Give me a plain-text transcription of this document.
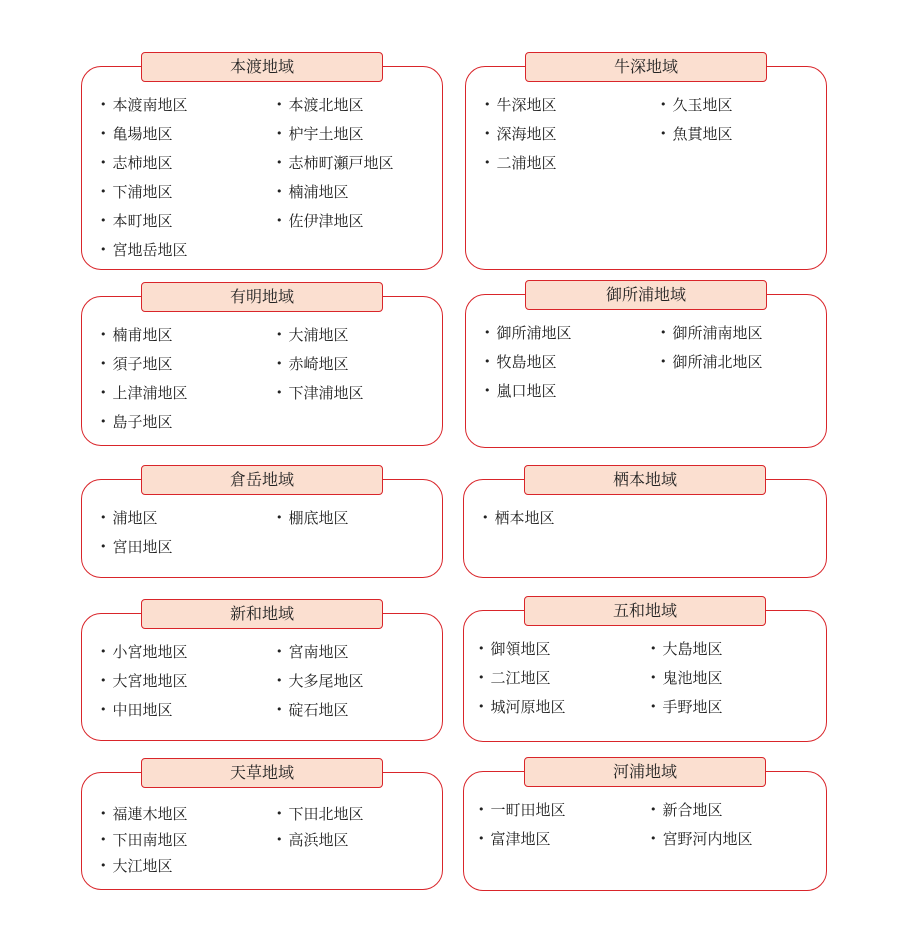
本渡地域
• 本渡南地区	• 本渡北地区
• 亀場地区	• 枦宇土地区
• 志柿地区	• 志柿町瀬戸地区
• 下浦地区	• 楠浦地区
• 本町地区	• 佐伊津地区
• 宮地岳地区
有明地域
• 楠甫地区	• 大浦地区
• 須子地区	• 赤崎地区
• 上津浦地区	• 下津浦地区
• 島子地区
倉岳地域
• 浦地区	• 棚底地区
• 宮田地区
新和地域
• 小宮地地区	• 宮南地区
• 大宮地地区	• 大多尾地区
• 中田地区	• 碇石地区
天草地域
• 福連木地区	• 下田北地区
• 下田南地区	• 高浜地区
• 大江地区
牛深地域
• 牛深地区	• 久玉地区
• 深海地区	• 魚貫地区
• 二浦地区
御所浦地域
• 御所浦地区	• 御所浦南地区
• 牧島地区	• 御所浦北地区
• 嵐口地区
栖本地域
• 栖本地区
五和地域
• 御領地区	• 大島地区
• 二江地区	• 鬼池地区
• 城河原地区	• 手野地区
河浦地域
• 一町田地区	• 新合地区
• 富津地区	• 宮野河内地区
